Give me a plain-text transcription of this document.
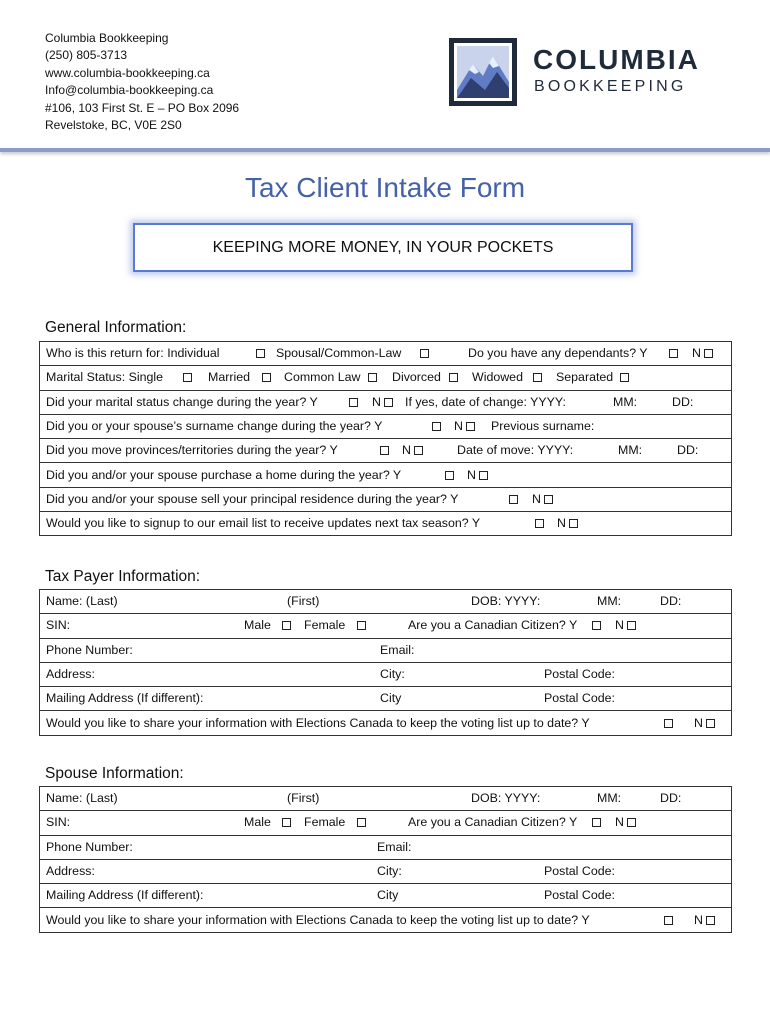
Columbia Bookkeeping
(250) 805-3713
www.columbia-bookkeeping.ca
Info@columbia-bookkeeping.ca
#106, 103 First St. E – PO Box 2096
Revelstoke, BC, V0E 2S0
COLUMBIA
BOOKKEEPING
Tax Client Intake Form
KEEPING MORE MONEY, IN YOUR POCKETS
General Information:
Who is this return for: Individual	Spousal/Common-Law	Do you have any dependants? Y	N

Marital Status: Single	Married	Common Law	Divorced	Widowed	Separated

Did your marital status change during the year? Y	N If yes, date of change: YYYY:	MM:	DD:

Did you or your spouse’s surname change during the year? Y	N Previous surname:

Did you move provinces/territories during the year? Y	N	Date of move: YYYY:	MM:	DD:

Did you and/or your spouse purchase a home during the year? Y	N

Did you and/or your spouse sell your principal residence during the year? Y	N

Would you like to signup to our email list to receive updates next tax season? Y	N
Tax Payer Information:
Name: (Last)	(First)	DOB: YYYY:	MM:	DD:

SIN:	Male	Female	Are you a Canadian Citizen? Y	N

Phone Number:	Email:

Address:	City:	Postal Code:

Mailing Address (If different):	City	Postal Code:

Would you like to share your information with Elections Canada to keep the voting list up to date? Y	N
Spouse Information:
Name: (Last)	(First)	DOB: YYYY:	MM:	DD:

SIN:	Male	Female	Are you a Canadian Citizen? Y	N

Phone Number:	Email:

Address:	City:	Postal Code:

Mailing Address (If different):	City	Postal Code:

Would you like to share your information with Elections Canada to keep the voting list up to date? Y	N
